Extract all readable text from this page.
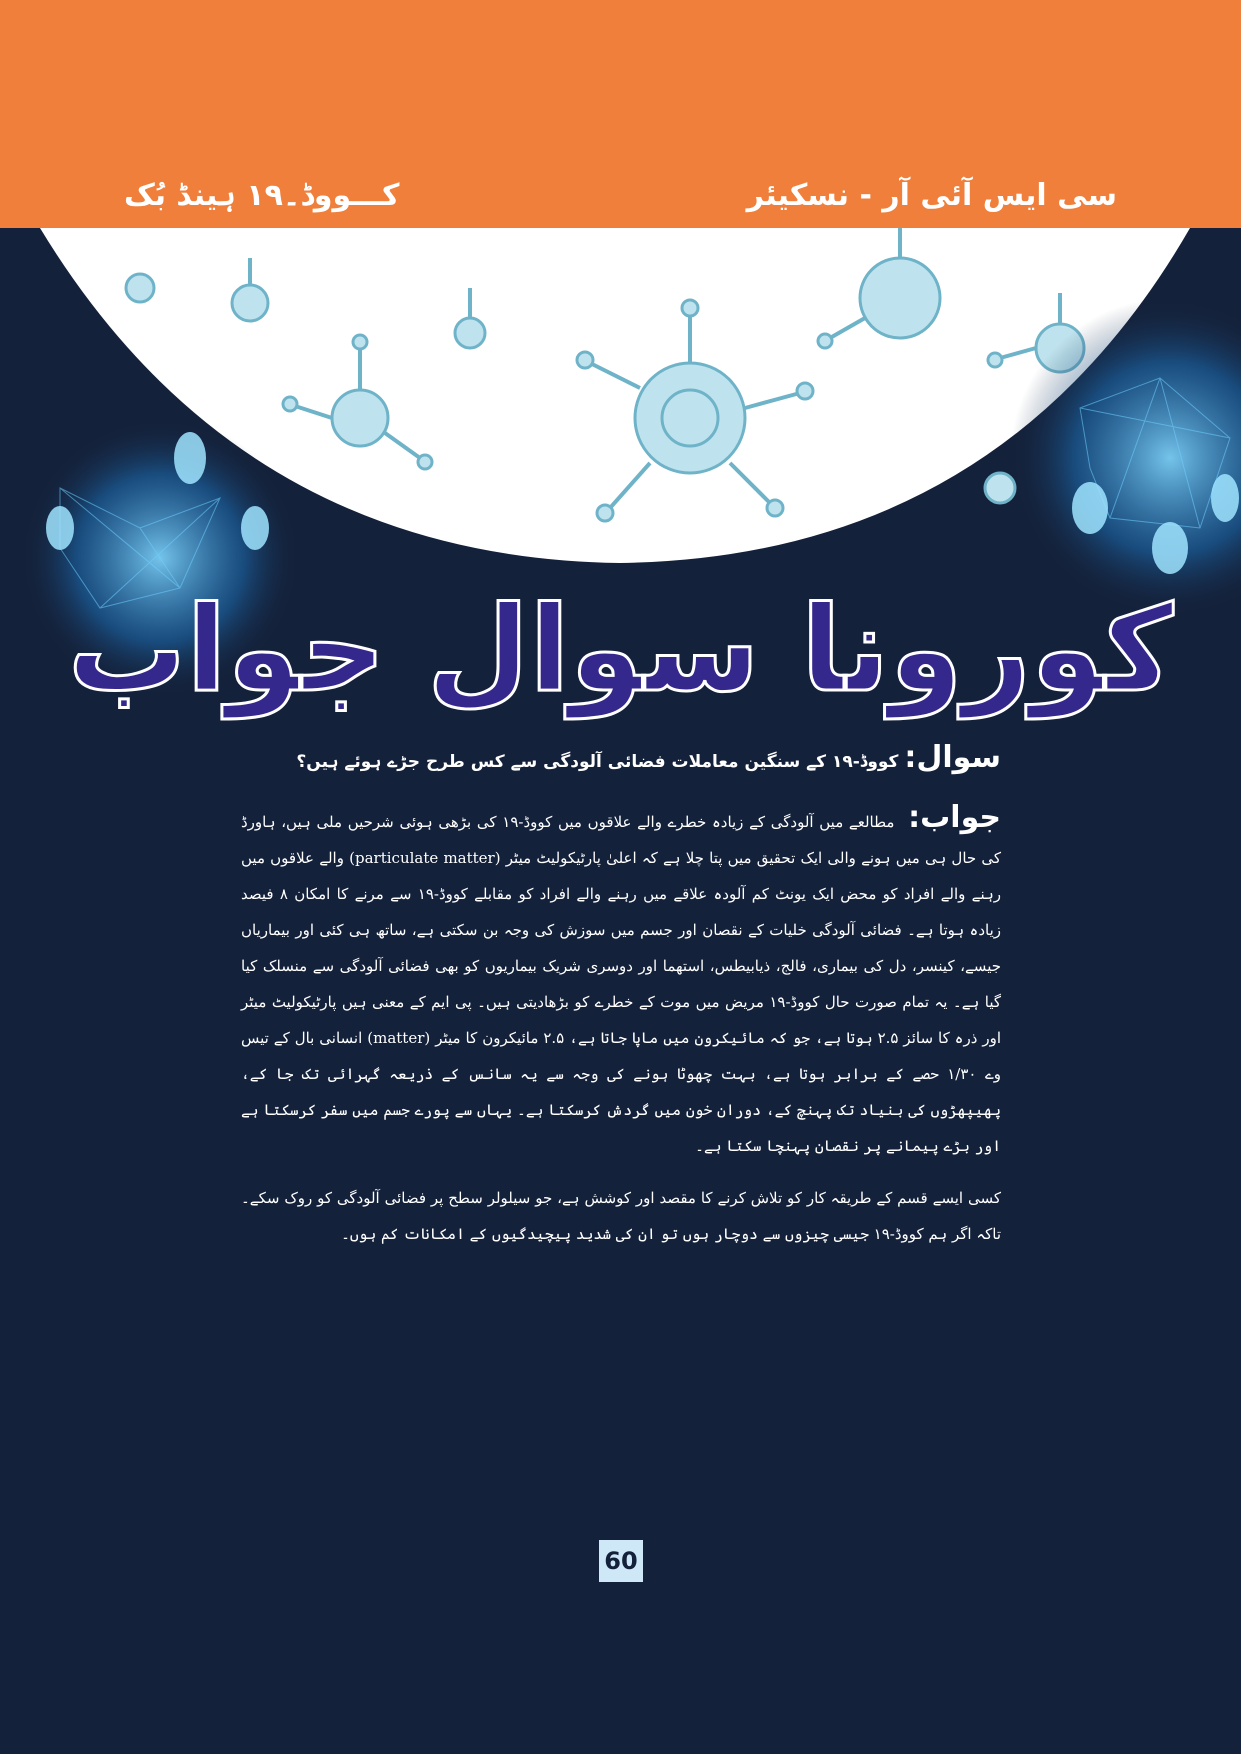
سی ایس آئی آر - نسکیئر
کـــووڈ۔۱۹ ہینڈ بُک
کورونا سوال جواب
سوال: کووڈ-۱۹ کے سنگین معاملات فضائی آلودگی سے کس طرح جڑے ہوئے ہیں؟

جواب: مطالعے میں آلودگی کے زیادہ خطرے والے علاقوں میں کووڈ-۱۹ کی بڑھی ہوئی شرحیں ملی ہیں، ہاورڈ کی حال ہی میں ہونے والی ایک تحقیق میں پتا چلا ہے کہ اعلیٰ پارٹیکولیٹ میٹر (particulate matter) والے علاقوں میں رہنے والے افراد کو محض ایک یونٹ کم آلودہ علاقے میں رہنے والے افراد کو مقابلے کووڈ-۱۹ سے مرنے کا امکان ۸ فیصد زیادہ ہوتا ہے۔ فضائی آلودگی خلیات کے نقصان اور جسم میں سوزش کی وجہ بن سکتی ہے، ساتھ ہی کئی اور بیماریاں جیسے، کینسر، دل کی بیماری، فالج، ذیابیطس، استھما اور دوسری شریک بیماریوں کو بھی فضائی آلودگی سے منسلک کیا گیا ہے۔ یہ تمام صورت حال کووڈ-۱۹ مریض میں موت کے خطرے کو بڑھادیتی ہیں۔ پی ایم کے معنی ہیں پارٹیکولیٹ میٹر اور ذرہ کا سائز ۲.۵ ہوتا ہے، جو کہ مائیکرون میں ماپا جاتا ہے، ۲.۵ مائیکرون کا میٹر (matter) انسانی بال کے تیس وے ۱/۳۰ حصے کے برابر ہوتا ہے، بہت چھوٹا ہونے کی وجہ سے یہ سانس کے ذریعہ گہرائی تک جا کے، پھیپھڑوں کی بنیاد تک پہنچ کے، دوران خون میں گردش کرسکتا ہے۔ یہاں سے پورے جسم میں سفر کرسکتا ہے اور بڑے پیمانے پر نقصان پہنچا سکتا ہے۔

کسی ایسے قسم کے طریقہ کار کو تلاش کرنے کا مقصد اور کوشش ہے، جو سیلولر سطح پر فضائی آلودگی کو روک سکے۔ تاکہ اگر ہم کووڈ-۱۹ جیسی چیزوں سے دوچار ہوں تو ان کی شدید پیچیدگیوں کے امکانات کم ہوں۔

60
